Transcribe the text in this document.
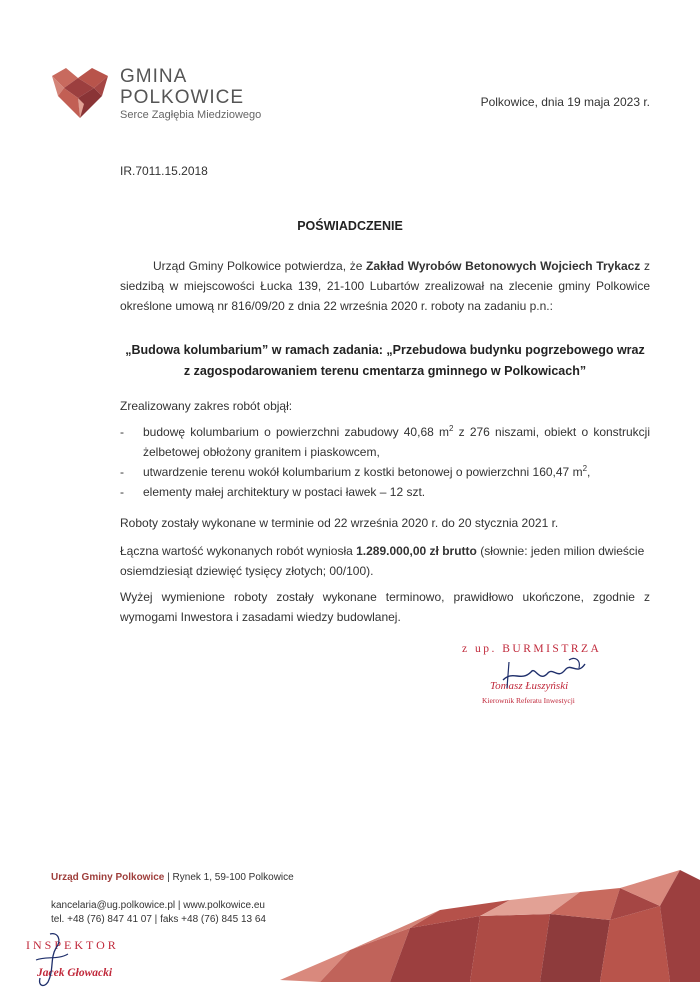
GMINA
POLKOWICE
Serce Zagłębia Miedziowego
Polkowice, dnia 19 maja 2023 r.
IR.7011.15.2018
POŚWIADCZENIE

Urząd Gminy Polkowice potwierdza, że Zakład Wyrobów Betonowych Wojciech Trykacz z siedzibą w miejscowości Łucka 139, 21-100 Lubartów zrealizował na zlecenie gminy Polkowice określone umową nr 816/09/20 z dnia 22 września 2020 r. roboty na zadaniu p.n.:

„Budowa kolumbarium” w ramach zadania: „Przebudowa budynku pogrzebowego wraz
z zagospodarowaniem terenu cmentarza gminnego w Polkowicach”
Zrealizowany zakres robót objął:
- budowę kolumbarium o powierzchni zabudowy 40,68 $m^2$ z 276 niszami, obiekt o konstrukcji żelbetowej obłożony granitem i piaskowcem,
- utwardzenie terenu wokół kolumbarium z kostki betonowej o powierzchni 160,47 $m^2$,
- elementy małej architektury w postaci ławek – 12 szt.
Roboty zostały wykonane w terminie od 22 września 2020 r. do 20 stycznia 2021 r.

Łączna wartość wykonanych robót wyniosła 1.289.000,00 zł brutto (słownie: jeden milion dwieście osiemdziesiąt dziewięć tysięcy złotych; 00/100).

Wyżej wymienione roboty zostały wykonane terminowo, prawidłowo ukończone, zgodnie z wymogami Inwestora i zasadami wiedzy budowlanej.

z up. BURMISTRZA
Tomasz Łuszyński
Kierownik Referatu Inwestycji
Urząd Gminy Polkowice | Rynek 1, 59-100 Polkowice
kancelaria@ug.polkowice.pl | www.polkowice.eu
tel. +48 (76) 847 41 07 | faks +48 (76) 845 13 64
INSPEKTOR
Jacek Głowacki
